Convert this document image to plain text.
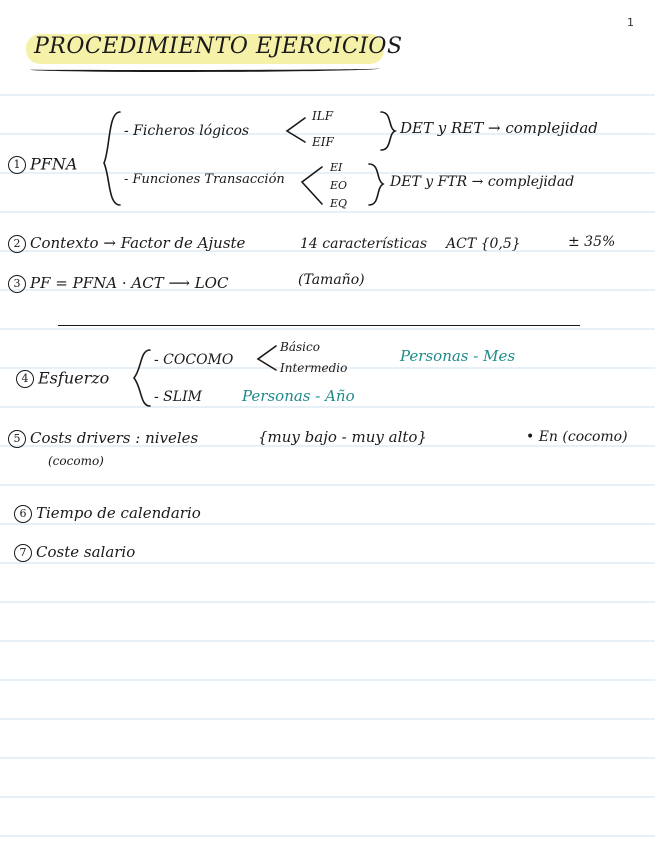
1
PROCEDIMIENTO EJERCICIOS
1 PFNA
- Ficheros lógicos
ILF
EIF
DET y RET → complejidad
- Funciones Transacción
EI
EO
EQ
DET y FTR → complejidad
2 Contexto → Factor de Ajuste	14 características ACT {0,5}	± 35%
3 PF = PFNA · ACT ⟶ LOC	(Tamaño)
4 Esfuerzo
- COCOMO
Básico
Intermedio
Personas - Mes
- SLIM	Personas - Año
5 Costs drivers : niveles	{muy bajo - muy alto}	• En (cocomo)
(cocomo)
6 Tiempo de calendario
7 Coste salario
